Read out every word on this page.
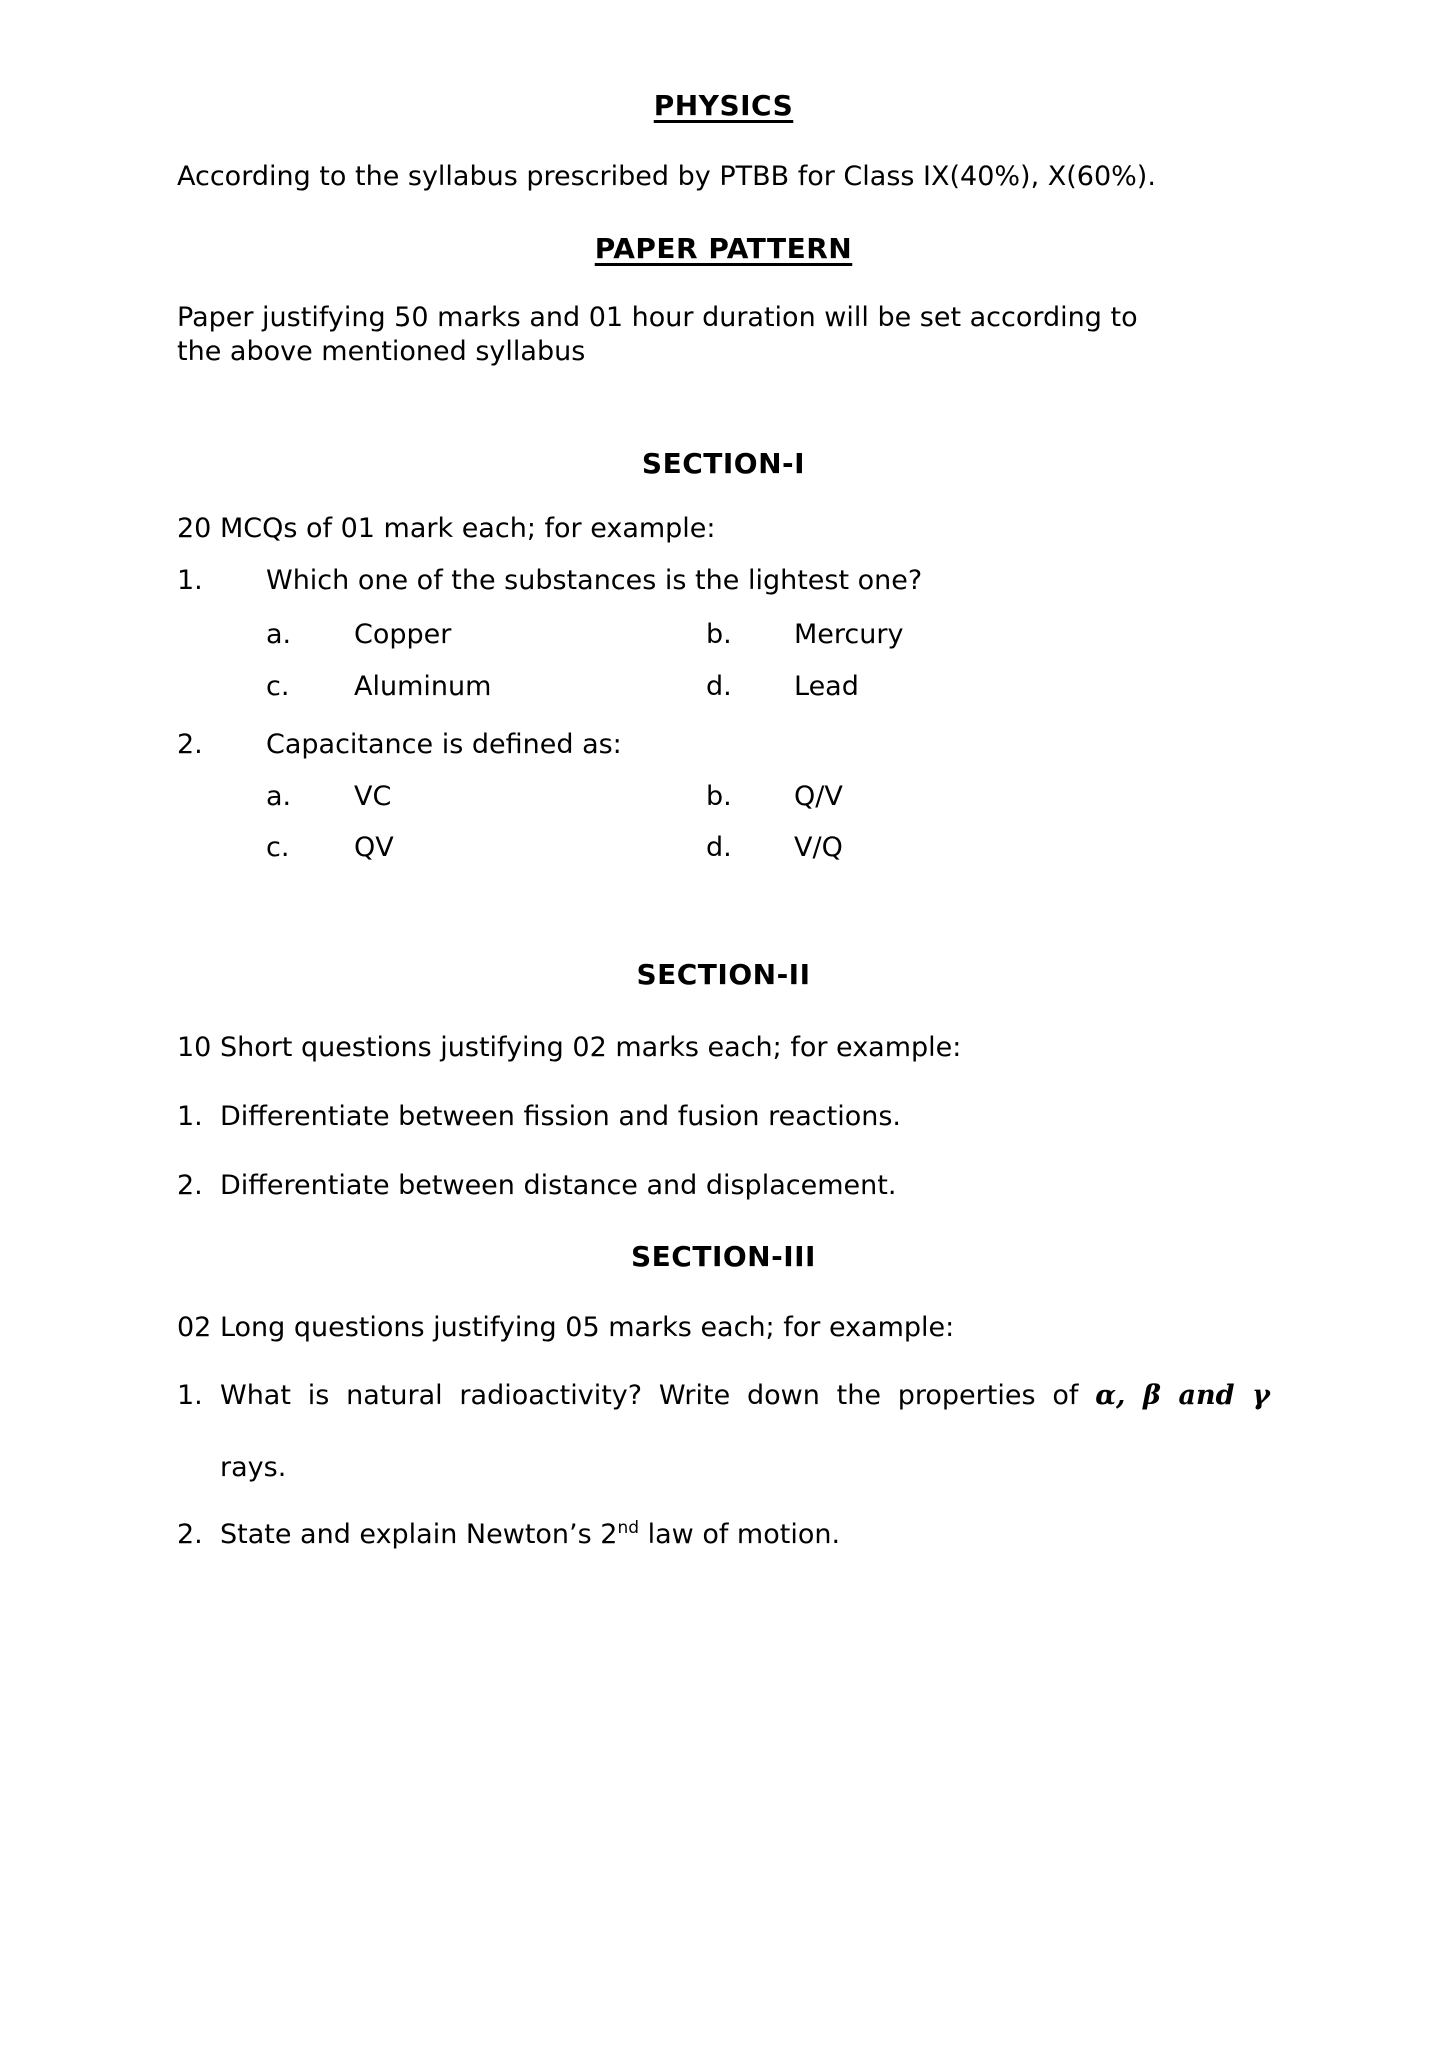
PHYSICS
According to the syllabus prescribed by PTBB for Class IX(40%), X(60%).
PAPER PATTERN
Paper justifying 50 marks and 01 hour duration will be set according to
the above mentioned syllabus
SECTION-I
20 MCQs of 01 mark each; for example:
1.	Which one of the substances is the lightest one?
a.	Copper	b.	Mercury
c.	Aluminum	d.	Lead
2.	Capacitance is defined as:
a.	VC	b.	Q/V
c.	QV	d.	V/Q
SECTION-II
10 Short questions justifying 02 marks each; for example:
1. Differentiate between fission and fusion reactions.
2. Differentiate between distance and displacement.
SECTION-III
02 Long questions justifying 05 marks each; for example:
1. What is natural radioactivity? Write down the properties of α, β and γ
rays.
2. State and explain Newton’s 2nd law of motion.
